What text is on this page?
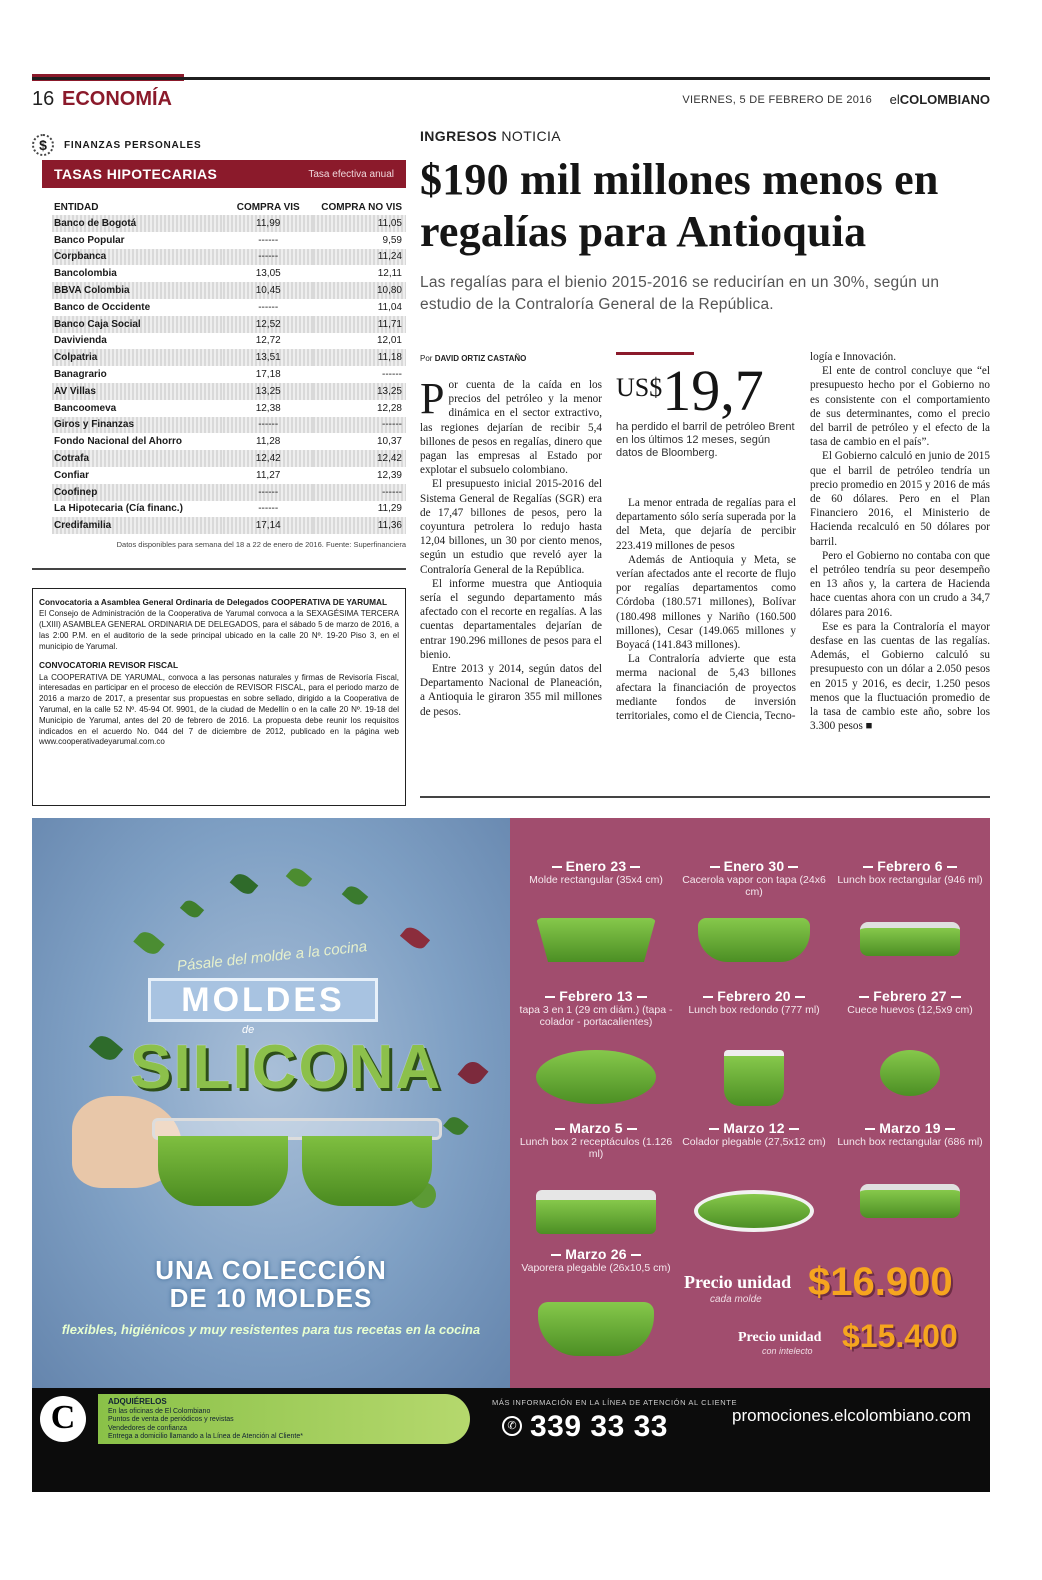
16 ECONOMÍA	VIERNES, 5 DE FEBRERO DE 2016 elCOLOMBIANO
$	FINANZAS PERSONALES
TASAS HIPOTECARIAS	Tasa efectiva anual
ENTIDAD	COMPRA VIS	COMPRA NO VIS
Banco de Bogotá	11,99	11,05
Banco Popular	------	9,59
Corpbanca	------	11,24
Bancolombia	13,05	12,11
BBVA Colombia	10,45	10,80
Banco de Occidente	------	11,04
Banco Caja Social	12,52	11,71
Davivienda	12,72	12,01
Colpatria	13,51	11,18
Banagrario	17,18	------
AV Villas	13,25	13,25
Bancoomeva	12,38	12,28
Giros y Finanzas	------	------
Fondo Nacional del Ahorro	11,28	10,37
Cotrafa	12,42	12,42
Confiar	11,27	12,39
Coofinep	------	------
La Hipotecaria (Cía financ.)	------	11,29
Credifamilia	17,14	11,36
Datos disponibles para semana del 18 a 22 de enero de 2016. Fuente: Superfinanciera
Convocatoria a Asamblea General Ordinaria de Delegados COOPERATIVA DE YARUMAL

El Consejo de Administración de la Cooperativa de Yarumal convoca a la SEXAGÉSIMA TERCERA (LXIII) ASAMBLEA GENERAL ORDINARIA DE DELEGADOS, para el sábado 5 de marzo de 2016, a las 2:00 P.M. en el auditorio de la sede principal ubicado en la calle 20 Nº. 19-20 Piso 3, en el municipio de Yarumal.

CONVOCATORIA REVISOR FISCAL

La COOPERATIVA DE YARUMAL, convoca a las personas naturales y firmas de Revisoría Fiscal, interesadas en participar en el proceso de elección de REVISOR FISCAL, para el periodo marzo de 2016 a marzo de 2017, a presentar sus propuestas en sobre sellado, dirigido a la Cooperativa de Yarumal, en la calle 52 Nº. 45-94 Of. 9901, de la ciudad de Medellín o en la calle 20 Nº. 19-18 del Municipio de Yarumal, antes del 20 de febrero de 2016. La propuesta debe reunir los requisitos indicados en el acuerdo No. 044 del 7 de diciembre de 2012, publicado en la página web www.cooperativadeyarumal.com.co

INGRESOS NOTICIA
$190 mil millones menos en regalías para Antioquia

Las regalías para el bienio 2015-2016 se reducirían en un 30%, según un estudio de la Contraloría General de la República.

Por DAVID ORTIZ CASTAÑO

Por cuenta de la caída en los precios del petróleo y la menor dinámica en el sector extractivo, las regiones dejarían de recibir 5,4 billones de pesos en regalías, dinero que pagan las empresas al Estado por explotar el subsuelo colombiano.

El presupuesto inicial 2015-2016 del Sistema General de Regalías (SGR) era de 17,47 billones de pesos, pero la coyuntura petrolera lo redujo hasta 12,04 billones, un 30 por ciento menos, según un estudio que reveló ayer la Contraloría General de la República.

El informe muestra que Antioquia sería el segundo departamento más afectado con el recorte en regalías. A las cuentas departamentales dejarían de entrar 190.296 millones de pesos para el bienio.

Entre 2013 y 2014, según datos del Departamento Nacional de Planeación, a Antioquia le giraron 355 mil millones de pesos.

US$19,7
ha perdido el barril de petróleo Brent en los últimos 12 meses, según datos de Bloomberg.

La menor entrada de regalías para el departamento sólo sería superada por la del Meta, que dejaría de percibir 223.419 millones de pesos

Además de Antioquia y Meta, se verían afectados ante el recorte de flujo por regalías departamentos como Córdoba (180.571 millones), Bolívar (180.498 millones y Nariño (160.500 millones), Cesar (149.065 millones y Boyacá (141.843 millones).

La Contraloría advierte que esta merma nacional de 5,43 billones afectara la financiación de proyectos mediante fondos de inversión territoriales, como el de Ciencia, Tecno-

logía e Innovación.

El ente de control concluye que “el presupuesto hecho por el Gobierno no es consistente con el comportamiento de sus determinantes, como el precio del barril de petróleo y el efecto de la tasa de cambio en el país”.

El Gobierno calculó en junio de 2015 que el barril de petróleo tendría un precio promedio en 2015 y 2016 de más de 60 dólares. Pero en el Plan Financiero 2016, el Ministerio de Hacienda recalculó en 50 dólares por barril.

Pero el Gobierno no contaba con que el petróleo tendría su peor desempeño en 13 años y, la cartera de Hacienda hace cuentas ahora con un crudo a 34,7 dólares para 2016.

Ese es para la Contraloría el mayor desfase en las cuentas de las regalías. Además, el Gobierno calculó su presupuesto con un dólar a 2.050 pesos en 2015 y 2016, es decir, 1.250 pesos menos que la fluctuación promedio de la tasa de cambio este año, sobre los 3.300 pesos ■

Pásale del molde a la cocina
MOLDES
de
SILICONA
UNA COLECCIÓN
DE 10 MOLDES
flexibles, higiénicos y muy resistentes para tus recetas en la cocina
Enero 23
Molde rectangular (35x4 cm)
Enero 30
Cacerola vapor con tapa (24x6 cm)
Febrero 6
Lunch box rectangular (946 ml)
Febrero 13
tapa 3 en 1 (29 cm diám.) (tapa - colador - portacalientes)
Febrero 20
Lunch box redondo (777 ml)
Febrero 27
Cuece huevos (12,5x9 cm)
Marzo 5
Lunch box 2 receptáculos (1.126 ml)
Marzo 12
Colador plegable (27,5x12 cm)
Marzo 19
Lunch box rectangular (686 ml)
Marzo 26
Vaporera plegable (26x10,5 cm)
Precio unidad
cada molde $16.900
Precio unidad
con intelecto $15.400
C	ADQUIÉRELOS
En las oficinas de El Colombiano
Puntos de venta de periódicos y revistas
Vendedores de confianza
Entrega a domicilio llamando a la Línea de Atención al Cliente*
MÁS INFORMACIÓN EN LA LÍNEA DE ATENCIÓN AL CLIENTE
✆ 339 33 33	promociones.elcolombiano.com
